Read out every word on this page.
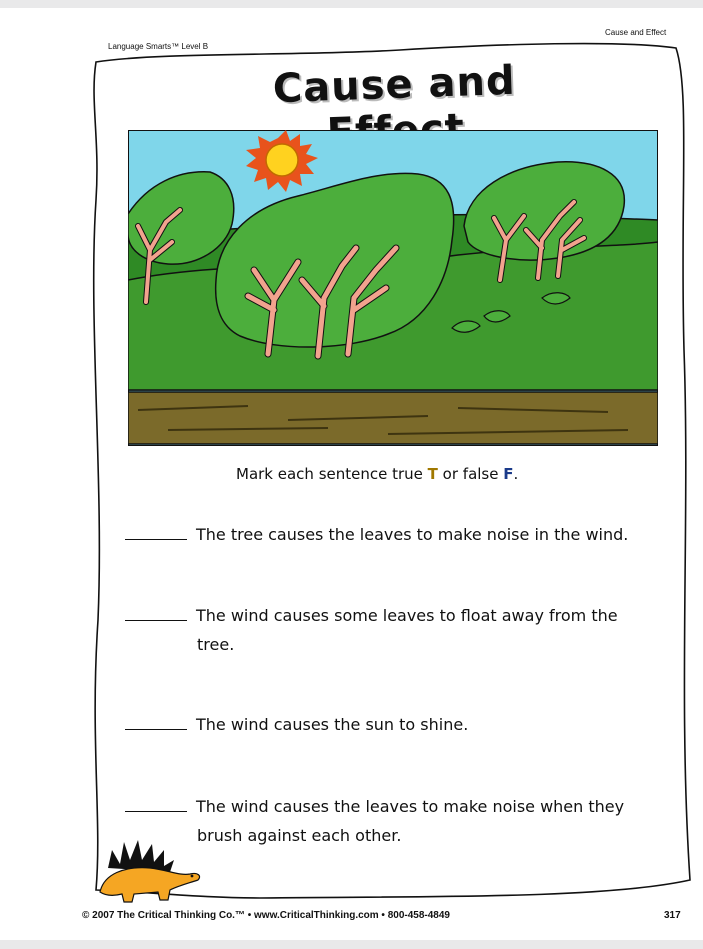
Language Smarts™ Level B
Cause and Effect
Cause and
Mark each sentence true T or false F.
The tree causes the leaves to make noise in the wind.
The wind causes some leaves to float away from the
tree.
The wind causes the sun to shine.
The wind causes the leaves to make noise when they
brush against each other.
© 2007 The Critical Thinking Co.™ • www.CriticalThinking.com • 800-458-4849	317
